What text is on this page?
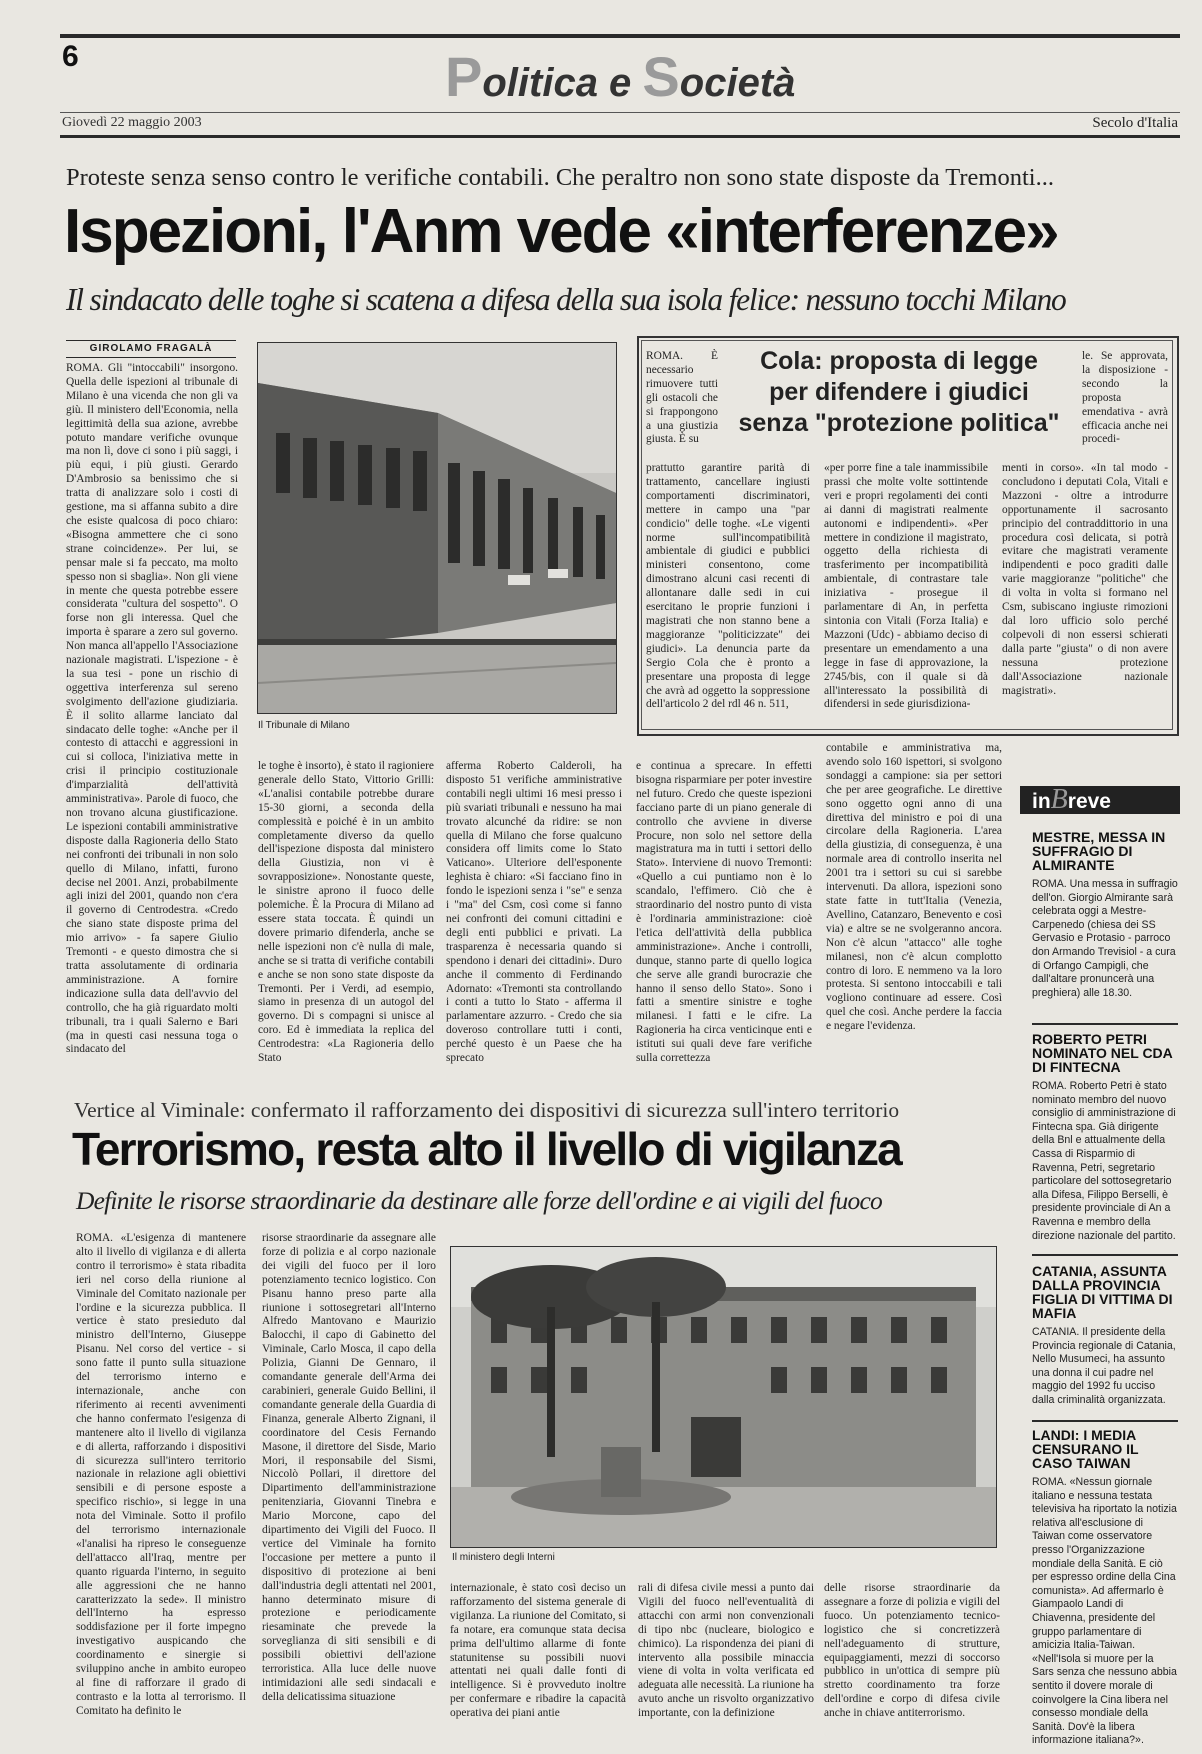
6	Politica e Società
Giovedì 22 maggio 2003	Secolo d'Italia
Proteste senza senso contro le verifiche contabili. Che peraltro non sono state disposte da Tremonti...
Ispezioni, l'Anm vede «interferenze»
Il sindacato delle toghe si scatena a difesa della sua isola felice: nessuno tocchi Milano
GIROLAMO FRAGALÀ
ROMA. Gli "intoccabili" insorgono. Quella delle ispezioni al tribunale di Milano è una vicenda che non gli va giù. Il ministero dell'Economia, nella legittimità della sua azione, avrebbe potuto mandare verifiche ovunque ma non lì, dove ci sono i più saggi, i più equi, i più giusti. Gerardo D'Ambrosio sa benissimo che si tratta di analizzare solo i costi di gestione, ma si affanna subito a dire che esiste qualcosa di poco chiaro: «Bisogna ammettere che ci sono strane coincidenze». Per lui, se pensar male si fa peccato, ma molto spesso non si sbaglia». Non gli viene in mente che questa potrebbe essere considerata "cultura del sospetto". O forse non gli interessa. Quel che importa è sparare a zero sul governo. Non manca all'appello l'Associazione nazionale magistrati. L'ispezione - è la sua tesi - pone un rischio di oggettiva interferenza sul sereno svolgimento dell'azione giudiziaria. È il solito allarme lanciato dal sindacato delle toghe: «Anche per il contesto di attacchi e aggressioni in cui si colloca, l'iniziativa mette in crisi il principio costituzionale d'imparzialità dell'attività amministrativa». Parole di fuoco, che non trovano alcuna giustificazione. Le ispezioni contabili amministrative disposte dalla Ragioneria dello Stato nei confronti dei tribunali in non solo quello di Milano, infatti, furono decise nel 2001. Anzi, probabilmente agli inizi del 2001, quando non c'era il governo di Centrodestra. «Credo che siano state disposte prima del mio arrivo» - fa sapere Giulio Tremonti - e questo dimostra che si tratta assolutamente di ordinaria amministrazione. A fornire indicazione sulla data dell'avvio del controllo, che ha già riguardato molti tribunali, tra i quali Salerno e Bari (ma in questi casi nessuna toga o sindacato del
Il Tribunale di Milano
ROMA. È necessario rimuovere tutti gli ostacoli che si frappongono a una giustizia giusta. È su
Cola: proposta di legge
per difendere i giudici
senza "protezione politica"
le. Se approvata, la disposizione - secondo la proposta emendativa - avrà efficacia anche nei procedi-
prattutto garantire parità di trattamento, cancellare ingiusti comportamenti discriminatori, mettere in campo una "par condicio" delle toghe. «Le vigenti norme sull'incompatibilità ambientale di giudici e pubblici ministeri consentono, come dimostrano alcuni casi recenti di allontanare dalle sedi in cui esercitano le proprie funzioni i magistrati che non stanno bene a maggioranze "politicizzate" dei giudici». La denuncia parte da Sergio Cola che è pronto a presentare una proposta di legge che avrà ad oggetto la soppressione dell'articolo 2 del rdl 46 n. 511,
«per porre fine a tale inammissibile prassi che molte volte sottintende veri e propri regolamenti dei conti ai danni di magistrati realmente autonomi e indipendenti». «Per mettere in condizione il magistrato, oggetto della richiesta di trasferimento per incompatibilità ambientale, di contrastare tale iniziativa - prosegue il parlamentare di An, in perfetta sintonia con Vitali (Forza Italia) e Mazzoni (Udc) - abbiamo deciso di presentare un emendamento a una legge in fase di approvazione, la 2745/bis, con il quale si dà all'interessato la possibilità di difendersi in sede giurisdiziona-
menti in corso». «In tal modo - concludono i deputati Cola, Vitali e Mazzoni - oltre a introdurre opportunamente il sacrosanto principio del contraddittorio in una procedura così delicata, si potrà evitare che magistrati veramente indipendenti e poco graditi dalle varie maggioranze "politiche" che di volta in volta si formano nel Csm, subiscano ingiuste rimozioni dal loro ufficio solo perché colpevoli di non essersi schierati dalla parte "giusta" o di non avere nessuna protezione dall'Associazione nazionale magistrati».
le toghe è insorto), è stato il ragioniere generale dello Stato, Vittorio Grilli: «L'analisi contabile potrebbe durare 15-30 giorni, a seconda della complessità e poiché è in un ambito completamente diverso da quello dell'ispezione disposta dal ministero della Giustizia, non vi è sovrapposizione». Nonostante queste, le sinistre aprono il fuoco delle polemiche. È la Procura di Milano ad essere stata toccata. È quindi un dovere primario difenderla, anche se nelle ispezioni non c'è nulla di male, anche se si tratta di verifiche contabili e anche se non sono state disposte da Tremonti. Per i Verdi, ad esempio, siamo in presenza di un autogol del governo. Di s compagni si unisce al coro. Ed è immediata la replica del Centrodestra: «La Ragioneria dello Stato
afferma Roberto Calderoli, ha disposto 51 verifiche amministrative contabili negli ultimi 16 mesi presso i più svariati tribunali e nessuno ha mai trovato alcunché da ridire: se non quella di Milano che forse qualcuno considera off limits come lo Stato Vaticano». Ulteriore dell'esponente leghista è chiaro: «Si facciano fino in fondo le ispezioni senza i "se" e senza i "ma" del Csm, così come si fanno nei confronti dei comuni cittadini e degli enti pubblici e privati. La trasparenza è necessaria quando si spendono i denari dei cittadini». Duro anche il commento di Ferdinando Adornato: «Tremonti sta controllando i conti a tutto lo Stato - afferma il parlamentare azzurro. - Credo che sia doveroso controllare tutti i conti, perché questo è un Paese che ha sprecato
e continua a sprecare. In effetti bisogna risparmiare per poter investire nel futuro. Credo che queste ispezioni facciano parte di un piano generale di controllo che avviene in diverse Procure, non solo nel settore della magistratura ma in tutti i settori dello Stato». Interviene di nuovo Tremonti: «Quello a cui puntiamo non è lo scandalo, l'effimero. Ciò che è straordinario del nostro punto di vista è l'ordinaria amministrazione: cioè l'etica dell'attività della pubblica amministrazione». Anche i controlli, dunque, stanno parte di quello logica che serve alle grandi burocrazie che hanno il senso dello Stato». Sono i fatti a smentire sinistre e toghe milanesi. I fatti e le cifre. La Ragioneria ha circa venticinque enti e istituti sui quali deve fare verifiche sulla correttezza
contabile e amministrativa ma, avendo solo 160 ispettori, si svolgono sondaggi a campione: sia per settori che per aree geografiche. Le direttive sono oggetto ogni anno di una direttiva del ministro e poi di una circolare della Ragioneria. L'area della giustizia, di conseguenza, è una normale area di controllo inserita nel 2001 tra i settori su cui si sarebbe intervenuti. Da allora, ispezioni sono state fatte in tutt'Italia (Venezia, Avellino, Catanzaro, Benevento e così via) e altre se ne svolgeranno ancora. Non c'è alcun "attacco" alle toghe milanesi, non c'è alcun complotto contro di loro. E nemmeno va la loro protesta. Si sentono intoccabili e tali vogliono continuare ad essere. Così quel che così. Anche perdere la faccia e negare l'evidenza.
inBreve
MESTRE, MESSA IN SUFFRAGIO DI ALMIRANTE
ROMA. Una messa in suffragio dell'on. Giorgio Almirante sarà celebrata oggi a Mestre-Carpenedo (chiesa dei SS Gervasio e Protasio - parroco don Armando Trevisiol - a cura di Orfango Campigli, che dall'altare pronuncerà una preghiera) alle 18.30.
ROBERTO PETRI NOMINATO NEL CDA DI FINTECNA
ROMA. Roberto Petri è stato nominato membro del nuovo consiglio di amministrazione di Fintecna spa. Già dirigente della Bnl e attualmente della Cassa di Risparmio di Ravenna, Petri, segretario particolare del sottosegretario alla Difesa, Filippo Berselli, è presidente provinciale di An a Ravenna e membro della direzione nazionale del partito.
CATANIA, ASSUNTA DALLA PROVINCIA FIGLIA DI VITTIMA DI MAFIA
CATANIA. Il presidente della Provincia regionale di Catania, Nello Musumeci, ha assunto una donna il cui padre nel maggio del 1992 fu ucciso dalla criminalità organizzata.
LANDI: I MEDIA CENSURANO IL CASO TAIWAN
ROMA. «Nessun giornale italiano e nessuna testata televisiva ha riportato la notizia relativa all'esclusione di Taiwan come osservatore presso l'Organizzazione mondiale della Sanità. E ciò per espresso ordine della Cina comunista». Ad affermarlo è Giampaolo Landi di Chiavenna, presidente del gruppo parlamentare di amicizia Italia-Taiwan. «Nell'Isola si muore per la Sars senza che nessuno abbia sentito il dovere morale di coinvolgere la Cina libera nel consesso mondiale della Sanità. Dov'è la libera informazione italiana?».
Vertice al Viminale: confermato il rafforzamento dei dispositivi di sicurezza sull'intero territorio
Terrorismo, resta alto il livello di vigilanza
Definite le risorse straordinarie da destinare alle forze dell'ordine e ai vigili del fuoco
ROMA. «L'esigenza di mantenere alto il livello di vigilanza e di allerta contro il terrorismo» è stata ribadita ieri nel corso della riunione al Viminale del Comitato nazionale per l'ordine e la sicurezza pubblica. Il vertice è stato presieduto dal ministro dell'Interno, Giuseppe Pisanu. Nel corso del vertice - si sono fatte il punto sulla situazione del terrorismo interno e internazionale, anche con riferimento ai recenti avvenimenti che hanno confermato l'esigenza di mantenere alto il livello di vigilanza e di allerta, rafforzando i dispositivi di sicurezza sull'intero territorio nazionale in relazione agli obiettivi sensibili e di persone esposte a specifico rischio», si legge in una nota del Viminale. Sotto il profilo del terrorismo internazionale «l'analisi ha ripreso le conseguenze dell'attacco all'Iraq, mentre per quanto riguarda l'interno, in seguito alle aggressioni che ne hanno caratterizzato la sede». Il ministro dell'Interno ha espresso soddisfazione per il forte impegno investigativo auspicando che coordinamento e sinergie si sviluppino anche in ambito europeo al fine di rafforzare il grado di contrasto e la lotta al terrorismo. Il Comitato ha definito le
risorse straordinarie da assegnare alle forze di polizia e al corpo nazionale dei vigili del fuoco per il loro potenziamento tecnico logistico. Con Pisanu hanno preso parte alla riunione i sottosegretari all'Interno Alfredo Mantovano e Maurizio Balocchi, il capo di Gabinetto del Viminale, Carlo Mosca, il capo della Polizia, Gianni De Gennaro, il comandante generale dell'Arma dei carabinieri, generale Guido Bellini, il comandante generale della Guardia di Finanza, generale Alberto Zignani, il coordinatore del Cesis Fernando Masone, il direttore del Sisde, Mario Mori, il responsabile del Sismi, Niccolò Pollari, il direttore del Dipartimento dell'amministrazione penitenziaria, Giovanni Tinebra e Mario Morcone, capo del dipartimento dei Vigili del Fuoco. Il vertice del Viminale ha fornito l'occasione per mettere a punto il dispositivo di protezione ai beni dall'industria degli attentati nel 2001, hanno determinato misure di protezione e periodicamente riesaminate che prevede la sorveglianza di siti sensibili e di possibili obiettivi dell'azione terroristica. Alla luce delle nuove intimidazioni alle sedi sindacali e della delicatissima situazione
Il ministero degli Interni
internazionale, è stato così deciso un rafforzamento del sistema generale di vigilanza. La riunione del Comitato, si fa notare, era comunque stata decisa prima dell'ultimo allarme di fonte statunitense su possibili nuovi attentati nei quali dalle fonti di intelligence. Si è provveduto inoltre per confermare e ribadire la capacità operativa dei piani antie
rali di difesa civile messi a punto dai Vigili del fuoco nell'eventualità di attacchi con armi non convenzionali di tipo nbc (nucleare, biologico e chimico). La rispondenza dei piani di intervento alla possibile minaccia viene di volta in volta verificata ed adeguata alle necessità. La riunione ha avuto anche un risvolto organizzativo importante, con la definizione
delle risorse straordinarie da assegnare a forze di polizia e vigili del fuoco. Un potenziamento tecnico-logistico che si concretizzerà nell'adeguamento di strutture, equipaggiamenti, mezzi di soccorso pubblico in un'ottica di sempre più stretto coordinamento tra forze dell'ordine e corpo di difesa civile anche in chiave antiterrorismo.
